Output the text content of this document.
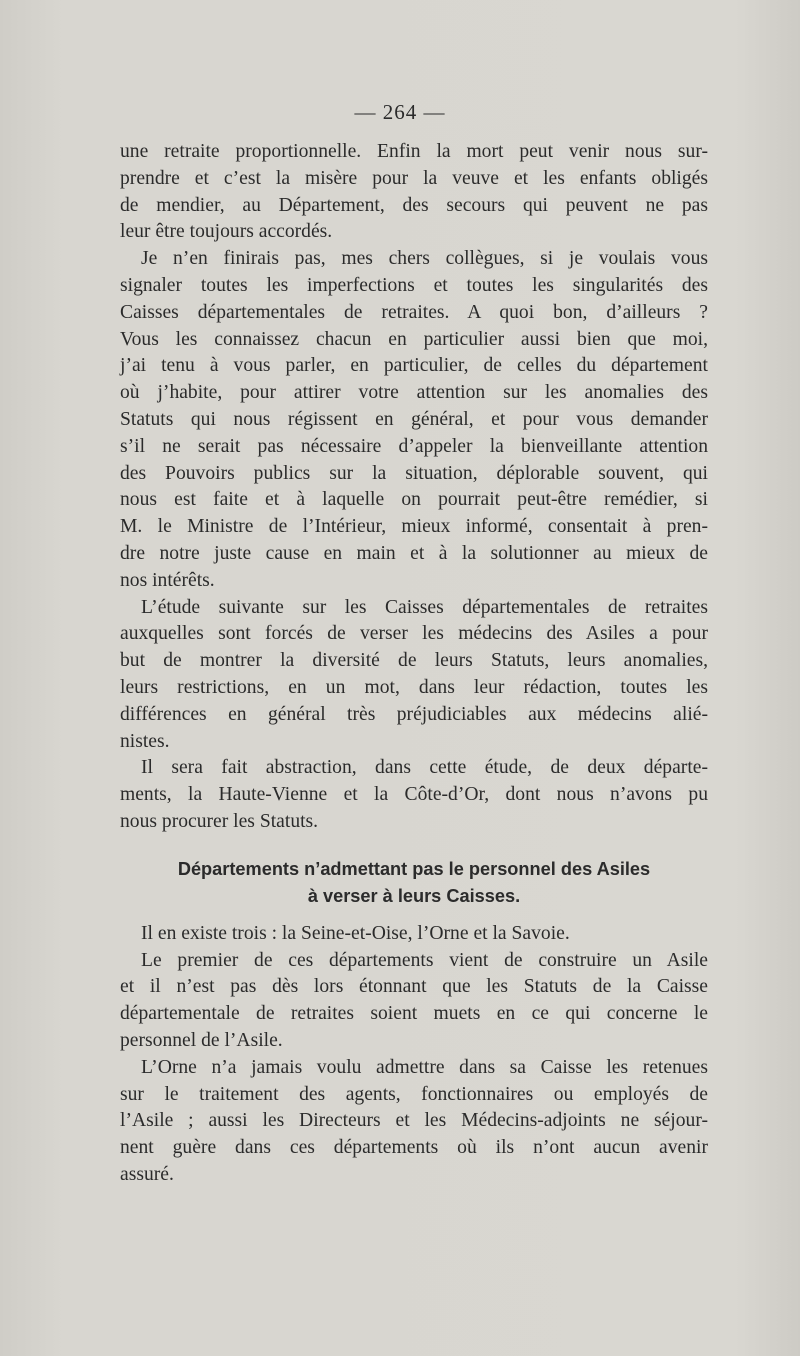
— 264 —

une retraite proportionnelle. Enfin la mort peut venir nous sur-
prendre et c’est la misère pour la veuve et les enfants obligés
de mendier, au Département, des secours qui peuvent ne pas
leur être toujours accordés.

Je n’en finirais pas, mes chers collègues, si je voulais vous
signaler toutes les imperfections et toutes les singularités des
Caisses départementales de retraites. A quoi bon, d’ailleurs ?
Vous les connaissez chacun en particulier aussi bien que moi,
j’ai tenu à vous parler, en particulier, de celles du département
où j’habite, pour attirer votre attention sur les anomalies des
Statuts qui nous régissent en général, et pour vous demander
s’il ne serait pas nécessaire d’appeler la bienveillante attention
des Pouvoirs publics sur la situation, déplorable souvent, qui
nous est faite et à laquelle on pourrait peut-être remédier, si
M. le Ministre de l’Intérieur, mieux informé, consentait à pren-
dre notre juste cause en main et à la solutionner au mieux de
nos intérêts.

L’étude suivante sur les Caisses départementales de retraites
auxquelles sont forcés de verser les médecins des Asiles a pour
but de montrer la diversité de leurs Statuts, leurs anomalies,
leurs restrictions, en un mot, dans leur rédaction, toutes les
différences en général très préjudiciables aux médecins alié-
nistes.

Il sera fait abstraction, dans cette étude, de deux départe-
ments, la Haute-Vienne et la Côte-d’Or, dont nous n’avons pu
nous procurer les Statuts.

Départements n’admettant pas le personnel des Asiles
à verser à leurs Caisses.

Il en existe trois : la Seine-et-Oise, l’Orne et la Savoie.

Le premier de ces départements vient de construire un Asile
et il n’est pas dès lors étonnant que les Statuts de la Caisse
départementale de retraites soient muets en ce qui concerne le
personnel de l’Asile.

L’Orne n’a jamais voulu admettre dans sa Caisse les retenues
sur le traitement des agents, fonctionnaires ou employés de
l’Asile ; aussi les Directeurs et les Médecins-adjoints ne séjour-
nent guère dans ces départements où ils n’ont aucun avenir
assuré.
